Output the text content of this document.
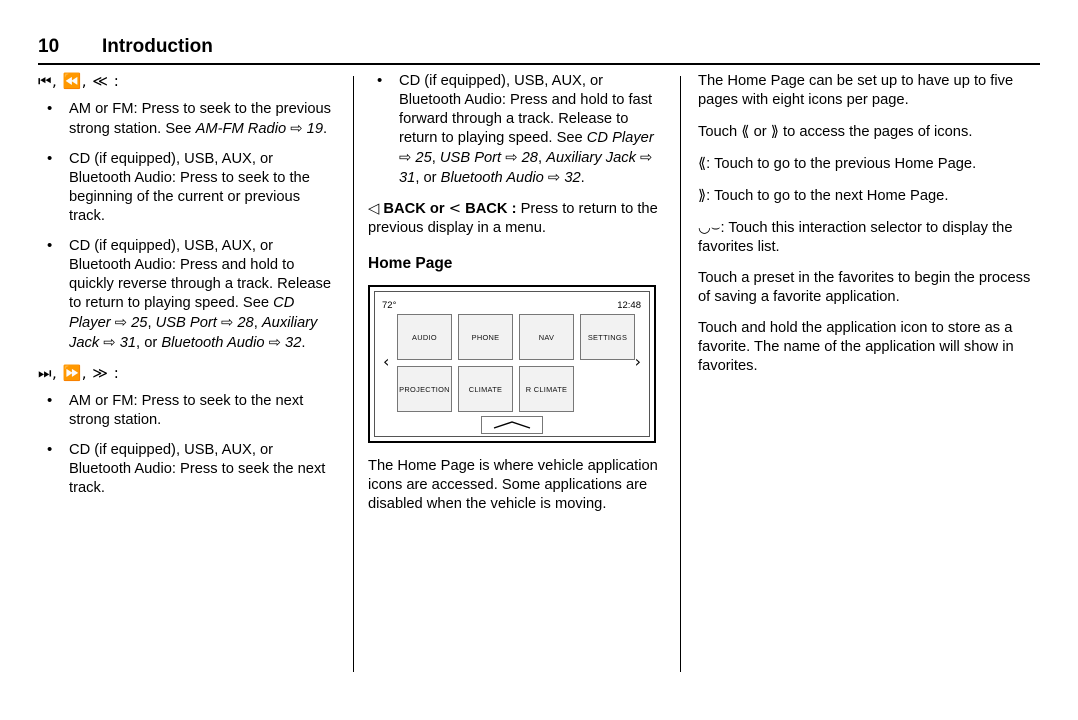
10	Introduction

⏮, ⏪, ≪ :

• AM or FM: Press to seek to the previous strong station. See AM-FM Radio ⇨ 19.
• CD (if equipped), USB, AUX, or Bluetooth Audio: Press to seek to the beginning of the current or previous track.
• CD (if equipped), USB, AUX, or Bluetooth Audio: Press and hold to quickly reverse through a track. Release to return to playing speed. See CD Player ⇨ 25, USB Port ⇨ 28, Auxiliary Jack ⇨ 31, or Bluetooth Audio ⇨ 32.

⏭, ⏩, ≫ :

• AM or FM: Press to seek to the next strong station.
• CD (if equipped), USB, AUX, or Bluetooth Audio: Press to seek the next track.
• CD (if equipped), USB, AUX, or Bluetooth Audio: Press and hold to fast forward through a track. Release to return to playing speed. See CD Player ⇨ 25, USB Port ⇨ 28, Auxiliary Jack ⇨ 31, or Bluetooth Audio ⇨ 32.

◁ BACK or < BACK : Press to return to the previous display in a menu.

Home Page

72°	12:48
‹	›
AUDIO	PHONE	NAV	SETTINGS
PROJECTION	CLIMATE	R CLIMATE

The Home Page is where vehicle application icons are accessed. Some applications are disabled when the vehicle is moving.

The Home Page can be set up to have up to five pages with eight icons per page.

Touch ⟪ or ⟫ to access the pages of icons.

⟪: Touch to go to the previous Home Page.

⟫: Touch to go to the next Home Page.

◡﻿⌣: Touch this interaction selector to display the favorites list.

Touch a preset in the favorites to begin the process of saving a favorite application.

Touch and hold the application icon to store as a favorite. The name of the application will show in favorites.
